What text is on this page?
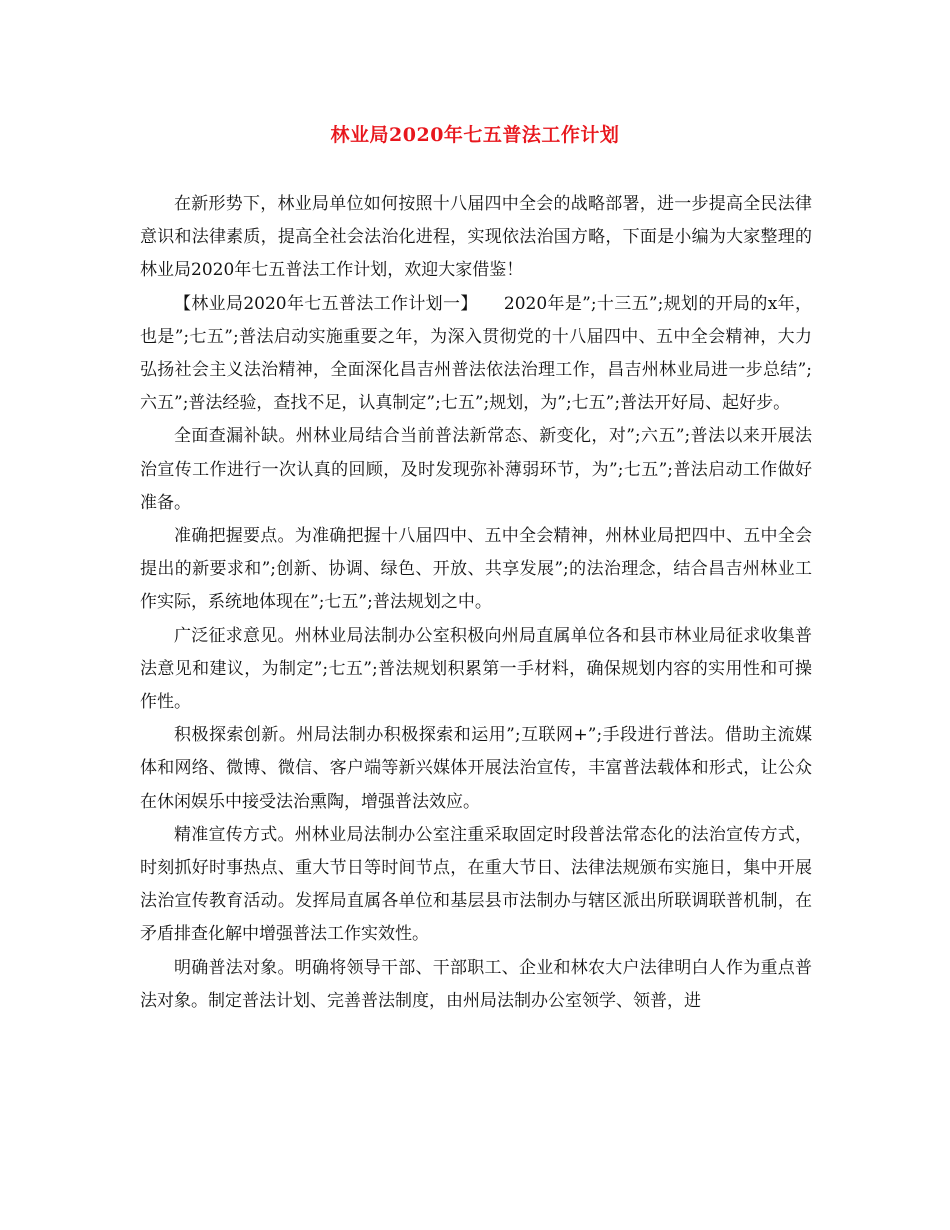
林业局2020年七五普法工作计划

在新形势下，林业局单位如何按照十八届四中全会的战略部署，进一步提高全民法律意识和法律素质，提高全社会法治化进程，实现依法治国方略，下面是小编为大家整理的林业局2020年七五普法工作计划，欢迎大家借鉴！

【林业局2020年七五普法工作计划一】　　2020年是”;十三五”;规划的开局的x年，也是”;七五”;普法启动实施重要之年，为深入贯彻党的十八届四中、五中全会精神，大力弘扬社会主义法治精神，全面深化昌吉州普法依法治理工作，昌吉州林业局进一步总结”;六五”;普法经验，查找不足，认真制定”;七五”;规划，为”;七五”;普法开好局、起好步。

全面查漏补缺。州林业局结合当前普法新常态、新变化，对”;六五”;普法以来开展法治宣传工作进行一次认真的回顾，及时发现弥补薄弱环节，为”;七五”;普法启动工作做好准备。

准确把握要点。为准确把握十八届四中、五中全会精神，州林业局把四中、五中全会提出的新要求和”;创新、协调、绿色、开放、共享发展”;的法治理念，结合昌吉州林业工作实际，系统地体现在”;七五”;普法规划之中。

广泛征求意见。州林业局法制办公室积极向州局直属单位各和县市林业局征求收集普法意见和建议，为制定”;七五”;普法规划积累第一手材料，确保规划内容的实用性和可操作性。

积极探索创新。州局法制办积极探索和运用”;互联网+”;手段进行普法。借助主流媒体和网络、微博、微信、客户端等新兴媒体开展法治宣传，丰富普法载体和形式，让公众在休闲娱乐中接受法治熏陶，增强普法效应。

精准宣传方式。州林业局法制办公室注重采取固定时段普法常态化的法治宣传方式，时刻抓好时事热点、重大节日等时间节点，在重大节日、法律法规颁布实施日，集中开展法治宣传教育活动。发挥局直属各单位和基层县市法制办与辖区派出所联调联普机制，在矛盾排查化解中增强普法工作实效性。

明确普法对象。明确将领导干部、干部职工、企业和林农大户法律明白人作为重点普法对象。制定普法计划、完善普法制度，由州局法制办公室领学、领普，进
